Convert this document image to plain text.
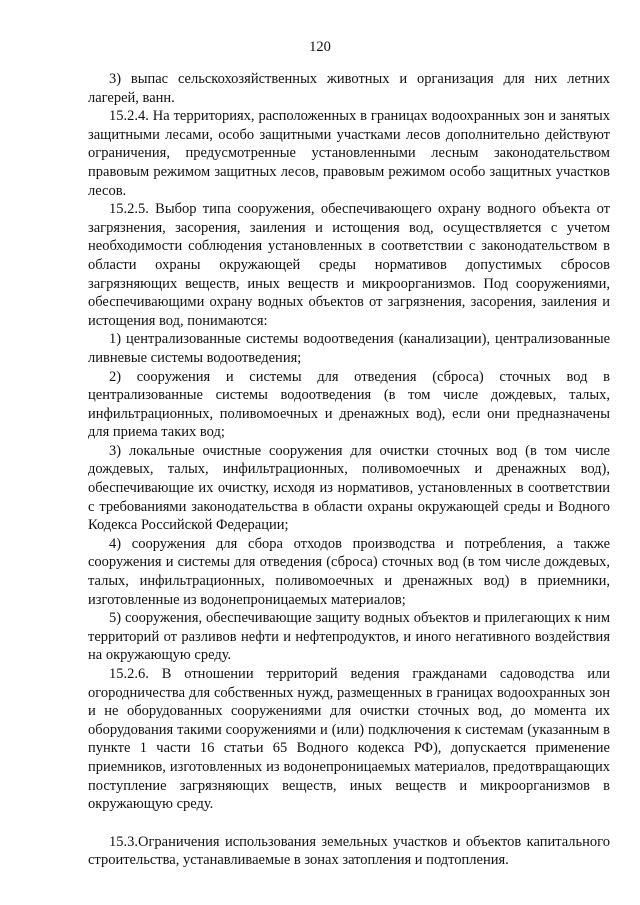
120

3) выпас сельскохозяйственных животных и организация для них летних лагерей, ванн.

15.2.4. На территориях, расположенных в границах водоохранных зон и занятых защитными лесами, особо защитными участками лесов дополнительно действуют ограничения, предусмотренные установленными лесным законодательством правовым режимом защитных лесов, правовым режимом особо защитных участков лесов.

15.2.5. Выбор типа сооружения, обеспечивающего охрану водного объекта от загрязнения, засорения, заиления и истощения вод, осуществляется с учетом необходимости соблюдения установленных в соответствии с законодательством в области охраны окружающей среды нормативов допустимых сбросов загрязняющих веществ, иных веществ и микроорганизмов. Под сооружениями, обеспечивающими охрану водных объектов от загрязнения, засорения, заиления и истощения вод, понимаются:

1) централизованные системы водоотведения (канализации), централизованные ливневые системы водоотведения;

2) сооружения и системы для отведения (сброса) сточных вод в централизованные системы водоотведения (в том числе дождевых, талых, инфильтрационных, поливомоечных и дренажных вод), если они предназначены для приема таких вод;

3) локальные очистные сооружения для очистки сточных вод (в том числе дождевых, талых, инфильтрационных, поливомоечных и дренажных вод), обеспечивающие их очистку, исходя из нормативов, установленных в соответствии с требованиями законодательства в области охраны окружающей среды и Водного Кодекса Российской Федерации;

4) сооружения для сбора отходов производства и потребления, а также сооружения и системы для отведения (сброса) сточных вод (в том числе дождевых, талых, инфильтрационных, поливомоечных и дренажных вод) в приемники, изготовленные из водонепроницаемых материалов;

5) сооружения, обеспечивающие защиту водных объектов и прилегающих к ним территорий от разливов нефти и нефтепродуктов, и иного негативного воздействия на окружающую среду.

15.2.6. В отношении территорий ведения гражданами садоводства или огородничества для собственных нужд, размещенных в границах водоохранных зон и не оборудованных сооружениями для очистки сточных вод, до момента их оборудования такими сооружениями и (или) подключения к системам (указанным в пункте 1 части 16 статьи 65 Водного кодекса РФ), допускается применение приемников, изготовленных из водонепроницаемых материалов, предотвращающих поступление загрязняющих веществ, иных веществ и микроорганизмов в окружающую среду.

15.3.Ограничения использования земельных участков и объектов капитального строительства, устанавливаемые в зонах затопления и подтопления.
